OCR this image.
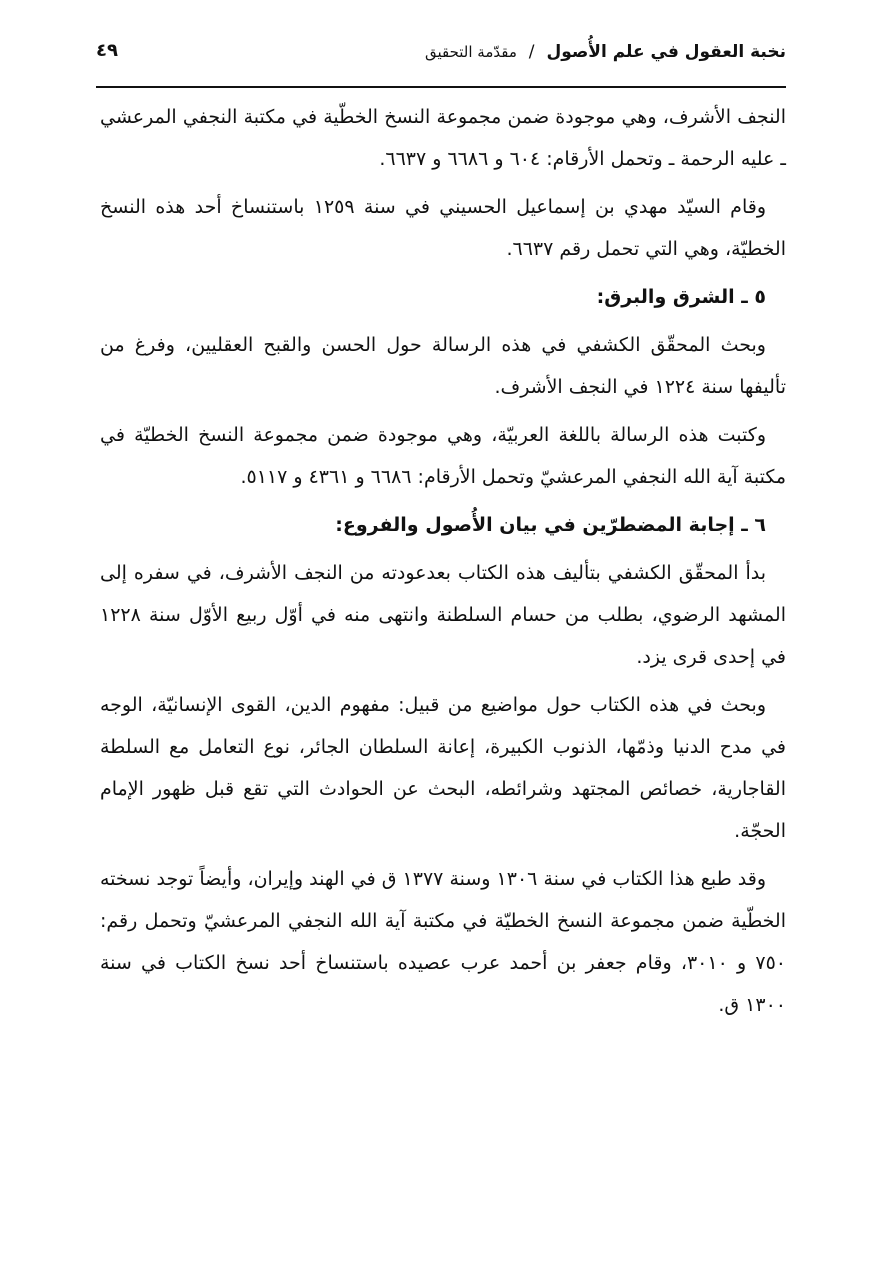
نخبة العقول في علم الأُصول / مقدّمة التحقيق
٤٩

النجف الأشرف، وهي موجودة ضمن مجموعة النسخ الخطّية في مكتبة النجفي المرعشي ـ عليه الرحمة ـ وتحمل الأرقام: ٦٠٤ و ٦٦٨٦ و ٦٦٣٧.

وقام السيّد مهدي بن إسماعيل الحسيني في سنة ١٢٥٩ باستنساخ أحد هذه النسخ الخطيّة، وهي التي تحمل رقم ٦٦٣٧.

٥ ـ الشرق والبرق:

وبحث المحقّق الكشفي في هذه الرسالة حول الحسن والقبح العقليين، وفرغ من تأليفها سنة ١٢٢٤ في النجف الأشرف.

وكتبت هذه الرسالة باللغة العربيّة، وهي موجودة ضمن مجموعة النسخ الخطيّة في مكتبة آية الله النجفي المرعشيّ وتحمل الأرقام: ٦٦٨٦ و ٤٣٦١ و ٥١١٧.

٦ ـ إجابة المضطرّين في بيان الأُصول والفروع:

بدأ المحقّق الكشفي بتأليف هذه الكتاب بعدعودته من النجف الأشرف، في سفره إلى المشهد الرضوي، بطلب من حسام السلطنة وانتهى منه في أوّل ربيع الأوّل سنة ١٢٢٨ في إحدى قرى يزد.

وبحث في هذه الكتاب حول مواضيع من قبيل: مفهوم الدين، القوى الإنسانيّة، الوجه في مدح الدنيا وذمّها، الذنوب الكبيرة، إعانة السلطان الجائر، نوع التعامل مع السلطة القاجارية، خصائص المجتهد وشرائطه، البحث عن الحوادث التي تقع قبل ظهور الإمام الحجّة.

وقد طبع هذا الكتاب في سنة ١٣٠٦ وسنة ١٣٧٧ ق في الهند وإيران، وأيضاً توجد نسخته الخطّية ضمن مجموعة النسخ الخطيّة في مكتبة آية الله النجفي المرعشيّ وتحمل رقم: ٧٥٠ و ٣٠١٠، وقام جعفر بن أحمد عرب عصيده باستنساخ أحد نسخ الكتاب في سنة ١٣٠٠ ق.
